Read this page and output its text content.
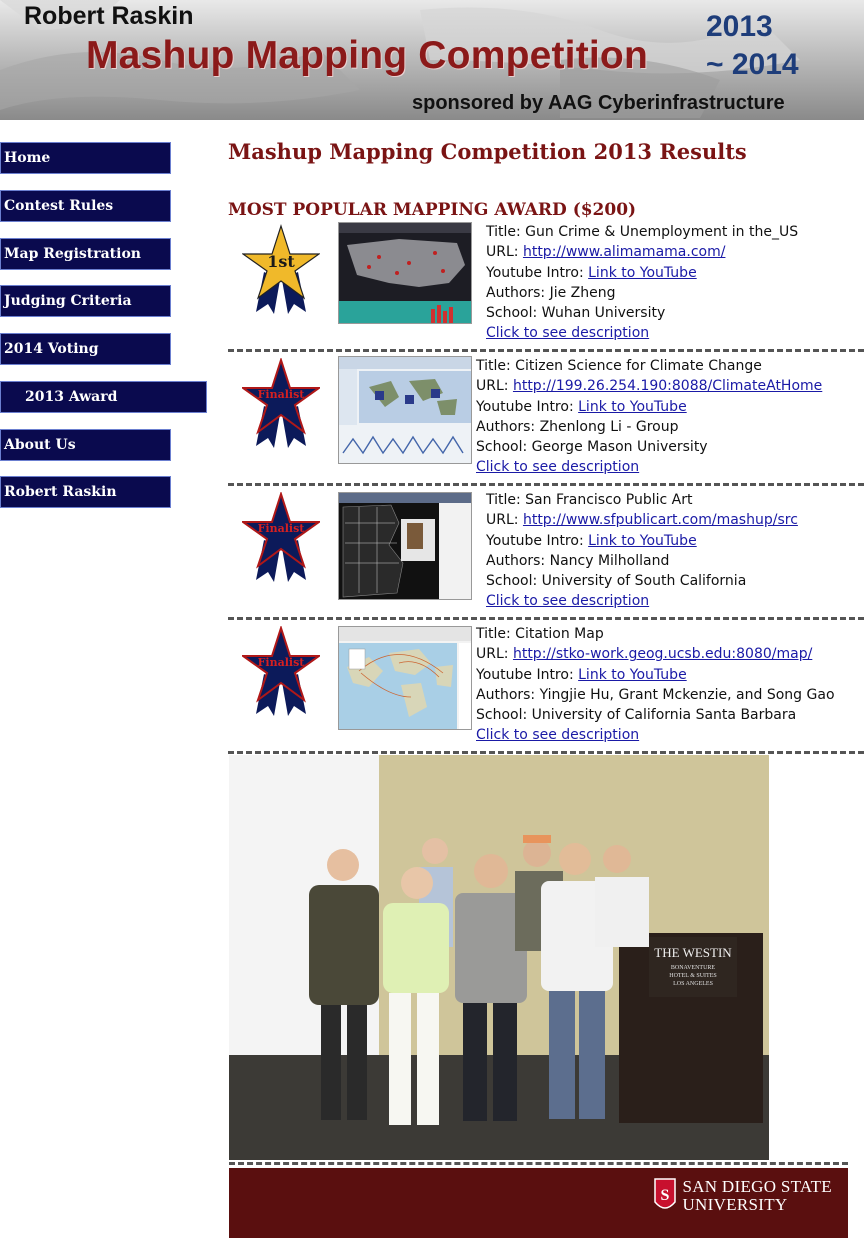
Robert Raskin
Mashup Mapping Competition
2013
~ 2014
sponsored by AAG Cyberinfrastructure
Home
Contest Rules
Map Registration
Judging Criteria
2014 Voting
2013 Award
About Us
Robert Raskin
Mashup Mapping Competition 2013 Results
MOST POPULAR MAPPING AWARD ($200)
1st
Title: Gun Crime & Unemployment in the_US
URL: http://www.alimamama.com/
Youtube Intro: Link to YouTube
Authors: Jie Zheng
School: Wuhan University
Click to see description
Finalist
Title: Citizen Science for Climate Change
URL: http://199.26.254.190:8088/ClimateAtHome
Youtube Intro: Link to YouTube
Authors: Zhenlong Li - Group
School: George Mason University
Click to see description
Finalist
Title: San Francisco Public Art
URL: http://www.sfpublicart.com/mashup/src
Youtube Intro: Link to YouTube
Authors: Nancy Milholland
School: University of South California
Click to see description
Finalist
Title: Citation Map
URL: http://stko-work.geog.ucsb.edu:8080/map/
Youtube Intro: Link to YouTube
Authors: Yingjie Hu, Grant Mckenzie, and Song Gao
School: University of California Santa Barbara
Click to see description
THE WESTIN
BONAVENTURE
HOTEL & SUITES
LOS ANGELES
S SAN DIEGO STATE
UNIVERSITY
